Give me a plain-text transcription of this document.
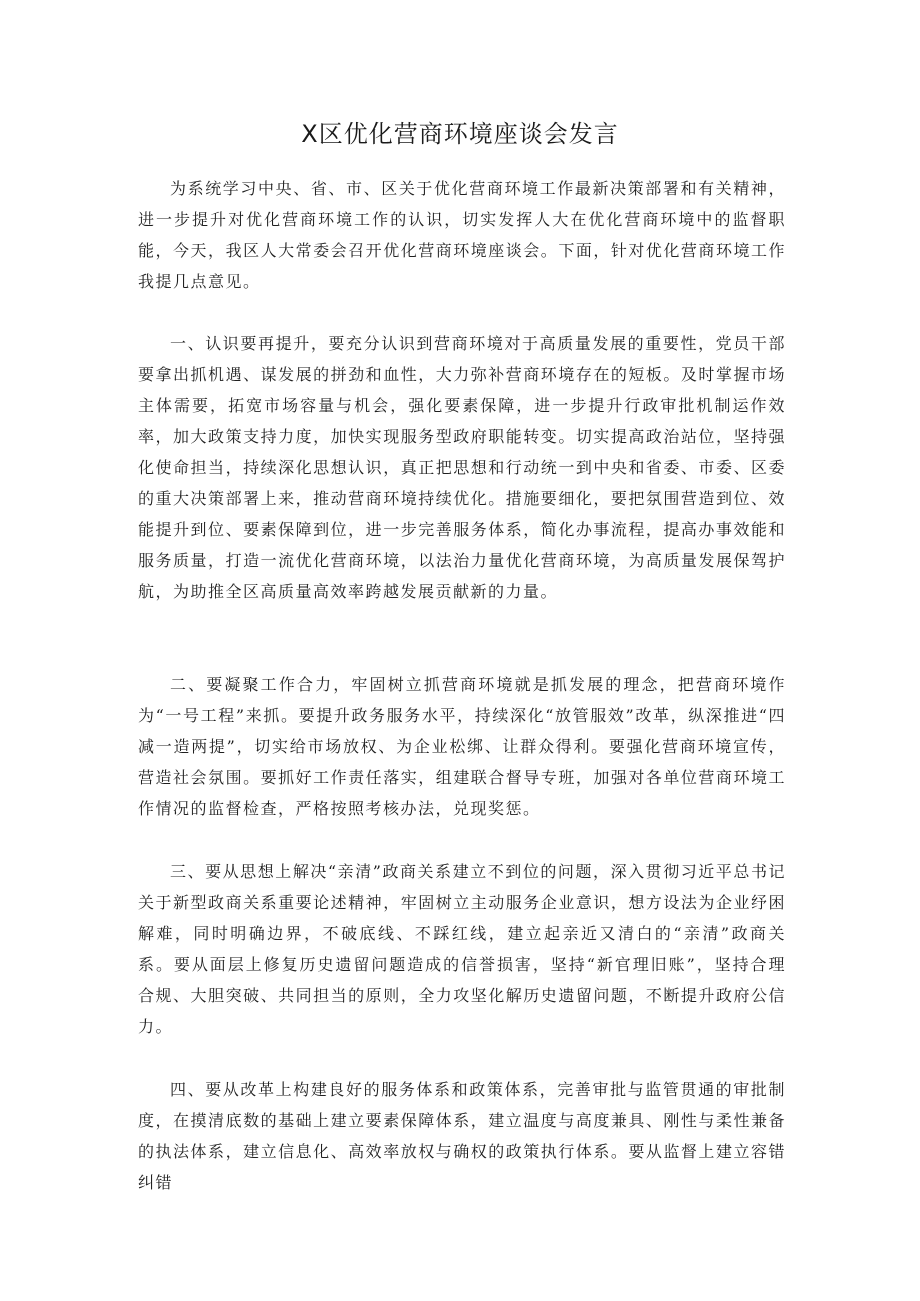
X区优化营商环境座谈会发言

为系统学习中央、省、市、区关于优化营商环境工作最新决策部署和有关精神，进一步提升对优化营商环境工作的认识，切实发挥人大在优化营商环境中的监督职能，今天，我区人大常委会召开优化营商环境座谈会。下面，针对优化营商环境工作我提几点意见。

一、认识要再提升，要充分认识到营商环境对于高质量发展的重要性，党员干部要拿出抓机遇、谋发展的拼劲和血性，大力弥补营商环境存在的短板。及时掌握市场主体需要，拓宽市场容量与机会，强化要素保障，进一步提升行政审批机制运作效率，加大政策支持力度，加快实现服务型政府职能转变。切实提高政治站位，坚持强化使命担当，持续深化思想认识，真正把思想和行动统一到中央和省委、市委、区委的重大决策部署上来，推动营商环境持续优化。措施要细化，要把氛围营造到位、效能提升到位、要素保障到位，进一步完善服务体系，简化办事流程，提高办事效能和服务质量，打造一流优化营商环境，以法治力量优化营商环境，为高质量发展保驾护航，为助推全区高质量高效率跨越发展贡献新的力量。

二、要凝聚工作合力，牢固树立抓营商环境就是抓发展的理念，把营商环境作为“一号工程”来抓。要提升政务服务水平，持续深化“放管服效”改革，纵深推进“四减一造两提”，切实给市场放权、为企业松绑、让群众得利。要强化营商环境宣传，营造社会氛围。要抓好工作责任落实，组建联合督导专班，加强对各单位营商环境工作情况的监督检查，严格按照考核办法，兑现奖惩。

三、要从思想上解决“亲清”政商关系建立不到位的问题，深入贯彻习近平总书记关于新型政商关系重要论述精神，牢固树立主动服务企业意识，想方设法为企业纾困解难，同时明确边界，不破底线、不踩红线，建立起亲近又清白的“亲清”政商关系。要从面层上修复历史遗留问题造成的信誉损害，坚持“新官理旧账”，坚持合理合规、大胆突破、共同担当的原则，全力攻坚化解历史遗留问题，不断提升政府公信力。

四、要从改革上构建良好的服务体系和政策体系，完善审批与监管贯通的审批制度，在摸清底数的基础上建立要素保障体系，建立温度与高度兼具、刚性与柔性兼备的执法体系，建立信息化、高效率放权与确权的政策执行体系。要从监督上建立容错纠错
